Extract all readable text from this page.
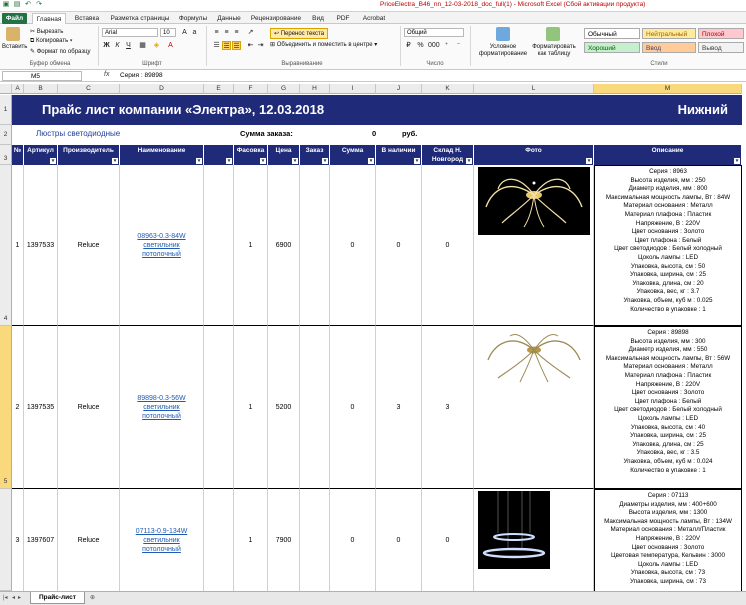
▣ ▤ ↶ ↷	PriceElectra_B46_nn_12-03-2018_doc_full(1) - Microsoft Excel (Сбой активации продукта)
Файл	Главная	Вставка	Разметка страницы	Формулы	Данные	Рецензирование	Вид	PDF	Acrobat
Вставить
✂ Вырезать
⧉ Копировать ▾
✎ Формат по образцу
Буфер обмена
Arial	10	A a
Ж К Ч	▦ ◈	A
Шрифт
≡ ≡ ≡	↗
☰ ☰ ☰ ⇤ ⇥
↩ Перенос текста
⊞ Объединить и поместить в центре ▾
Выравнивание
Общий
₽ % 000 ⁺	⁻
Число
Условное форматирование
Форматировать как таблицу
Обычный	Нейтральный	Плохой
Хороший	Ввод	Вывод
Стили
M5	fx Серия : 89898
A	B	C	D	E	F	G	H	I	J	K	L	M
1
2
3
4
5
Прайс лист компании «Электра», 12.03.2018	Нижний
Люстры светодиодные	Сумма заказа:	0	руб.
№ Артикул
▾
Производитель
▾
Наименование
▾	▾
Фасовка
▾
Цена
▾
Заказ
▾
Сумма
▾
В наличии
▾
Склад Н. Новгород ▾
Фото
▾
Описание
▾
1	1397533	Reluce
08963-0.3-84W
светильник
потолочный
1	6900	0	0	0
Серия : 8963
Высота изделия, мм : 250
Диаметр изделия, мм : 800
Максимальная мощность лампы, Вт : 84W
Материал основания : Металл
Материал плафона : Пластик
Напряжение, В : 220V
Цвет основания : Золото
Цвет плафона : Белый
Цвет светодиодов : Белый холодный
Цоколь лампы : LED
Упаковка, высота, см : 50
Упаковка, ширина, см : 25
Упаковка, длина, см : 20
Упаковка, вес, кг : 3.7
Упаковка, объем, куб м : 0.025
Количество в упаковке : 1
2	1397535	Reluce
89898-0.3-56W
светильник
потолочный
1	5200	0	3	3
Серия : 89898
Высота изделия, мм : 300
Диаметр изделия, мм : 550
Максимальная мощность лампы, Вт : 56W
Материал основания : Металл
Материал плафона : Пластик
Напряжение, В : 220V
Цвет основания : Золото
Цвет плафона : Белый
Цвет светодиодов : Белый холодный
Цоколь лампы : LED
Упаковка, высота, см : 40
Упаковка, ширина, см : 25
Упаковка, длина, см : 25
Упаковка, вес, кг : 3.5
Упаковка, объем, куб м : 0.024
Количество в упаковке : 1
3	1397607	Reluce
07113-0.9-134W
светильник
потолочный
1	7900	0	0	0
Серия : 07113
Диаметры изделия, мм : 400+600
Высота изделия, мм : 1300
Максимальная мощность лампы, Вт : 134W
Материал основания : Металл/Пластик
Напряжение, В : 220V
Цвет основания : Золото
Цветовая температура, Кельвин : 3000
Цоколь лампы : LED
Упаковка, высота, см : 73
Упаковка, ширина, см : 73
|◂ ◂ ▸	Прайс-лист	⊕
